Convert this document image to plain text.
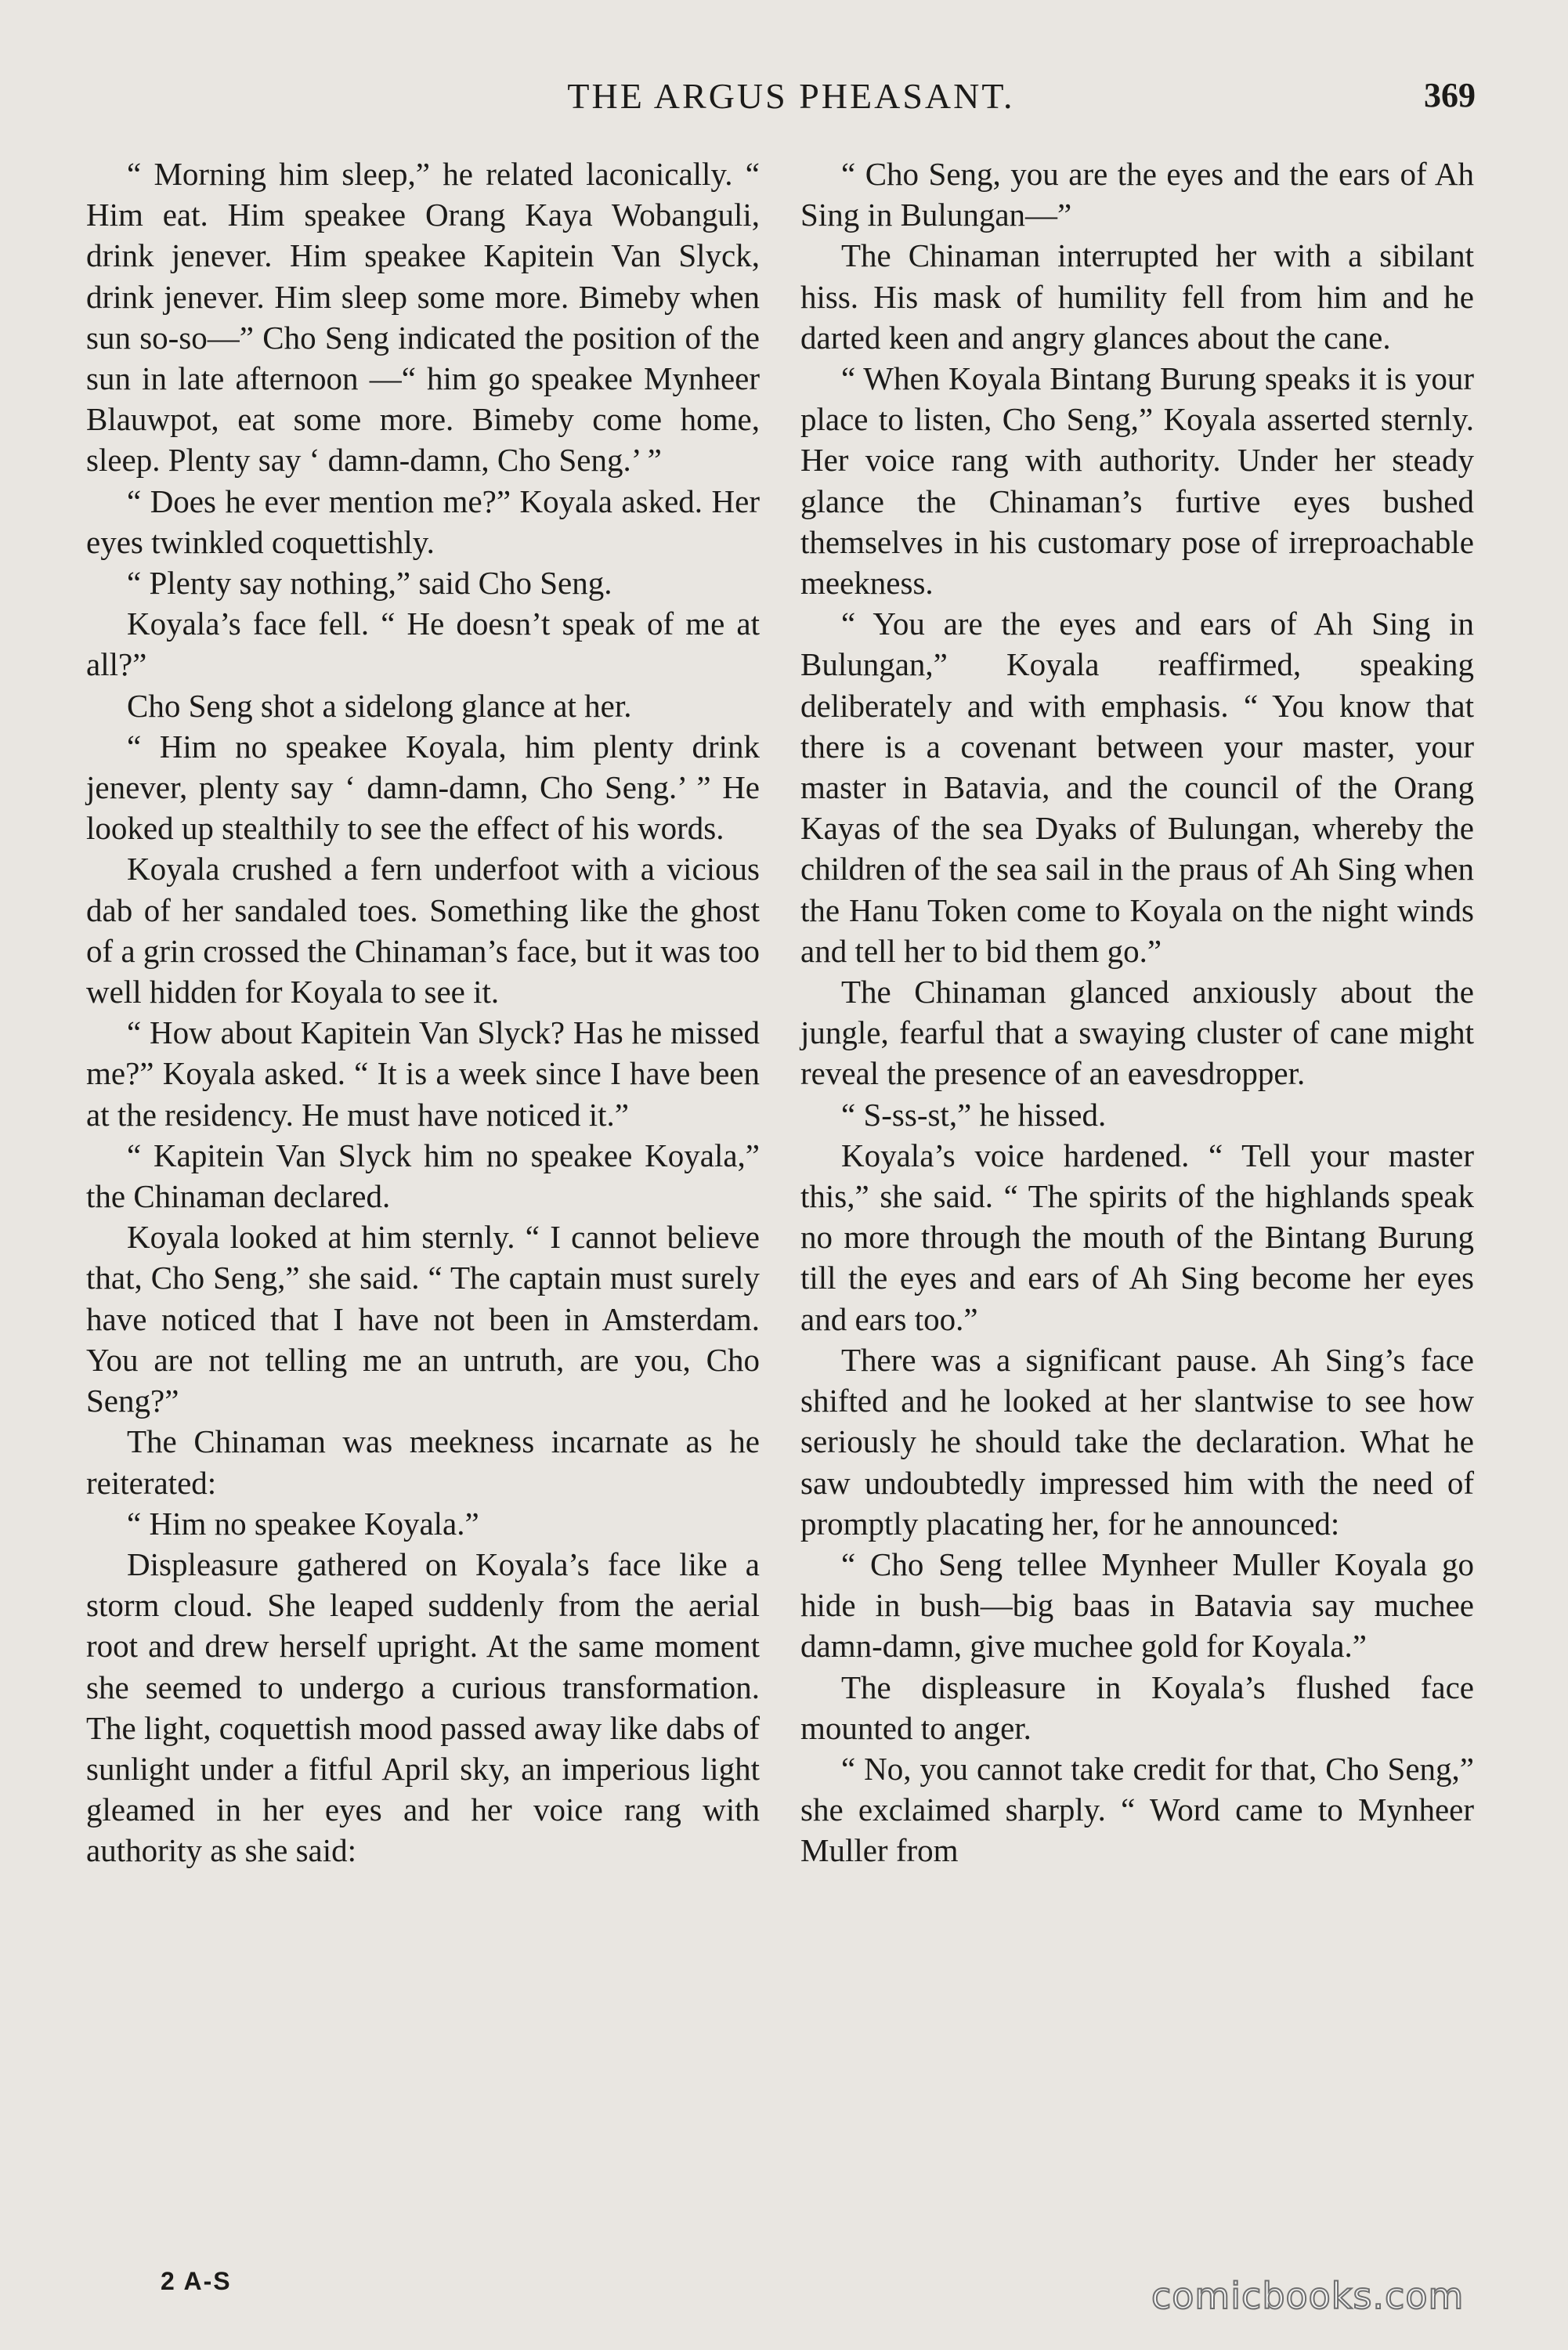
THE ARGUS PHEASANT.	369

“ Morning him sleep,” he related laconically. “ Him eat. Him speakee Orang Kaya Wobanguli, drink jenever. Him speakee Kapitein Van Slyck, drink jenever. Him sleep some more. Bimeby when sun so-so—” Cho Seng indicated the position of the sun in late afternoon —“ him go speakee Mynheer Blauwpot, eat some more. Bimeby come home, sleep. Plenty say ‘ damn-damn, Cho Seng.’ ”

“ Does he ever mention me?” Koyala asked. Her eyes twinkled coquettishly.

“ Plenty say nothing,” said Cho Seng.

Koyala’s face fell. “ He doesn’t speak of me at all?”

Cho Seng shot a sidelong glance at her.

“ Him no speakee Koyala, him plenty drink jenever, plenty say ‘ damn-damn, Cho Seng.’ ” He looked up stealthily to see the effect of his words.

Koyala crushed a fern underfoot with a vicious dab of her sandaled toes. Something like the ghost of a grin crossed the Chinaman’s face, but it was too well hidden for Koyala to see it.

“ How about Kapitein Van Slyck? Has he missed me?” Koyala asked. “ It is a week since I have been at the residency. He must have noticed it.”

“ Kapitein Van Slyck him no speakee Koyala,” the Chinaman declared.

Koyala looked at him sternly. “ I cannot believe that, Cho Seng,” she said. “ The captain must surely have noticed that I have not been in Amsterdam. You are not telling me an untruth, are you, Cho Seng?”

The Chinaman was meekness incarnate as he reiterated:

“ Him no speakee Koyala.”

Displeasure gathered on Koyala’s face like a storm cloud. She leaped suddenly from the aerial root and drew herself upright. At the same moment she seemed to undergo a curious transformation. The light, coquettish mood passed away like dabs of sunlight under a fitful April sky, an imperious light gleamed in her eyes and her voice rang with authority as she said:

“ Cho Seng, you are the eyes and the ears of Ah Sing in Bulungan—”

The Chinaman interrupted her with a sibilant hiss. His mask of humility fell from him and he darted keen and angry glances about the cane.

“ When Koyala Bintang Burung speaks it is your place to listen, Cho Seng,” Koyala asserted sternly. Her voice rang with authority. Under her steady glance the Chinaman’s furtive eyes bushed themselves in his customary pose of irreproachable meekness.

“ You are the eyes and ears of Ah Sing in Bulungan,” Koyala reaffirmed, speaking deliberately and with emphasis. “ You know that there is a covenant between your master, your master in Batavia, and the council of the Orang Kayas of the sea Dyaks of Bulungan, whereby the children of the sea sail in the praus of Ah Sing when the Hanu Token come to Koyala on the night winds and tell her to bid them go.”

The Chinaman glanced anxiously about the jungle, fearful that a swaying cluster of cane might reveal the presence of an eavesdropper.

“ S-ss-st,” he hissed.

Koyala’s voice hardened. “ Tell your master this,” she said. “ The spirits of the highlands speak no more through the mouth of the Bintang Burung till the eyes and ears of Ah Sing become her eyes and ears too.”

There was a significant pause. Ah Sing’s face shifted and he looked at her slantwise to see how seriously he should take the declaration. What he saw undoubtedly impressed him with the need of promptly placating her, for he announced:

“ Cho Seng tellee Mynheer Muller Koyala go hide in bush—big baas in Batavia say muchee damn-damn, give muchee gold for Koyala.”

The displeasure in Koyala’s flushed face mounted to anger.

“ No, you cannot take credit for that, Cho Seng,” she exclaimed sharply. “ Word came to Mynheer Muller from

2 A-S	comicbooks.com
